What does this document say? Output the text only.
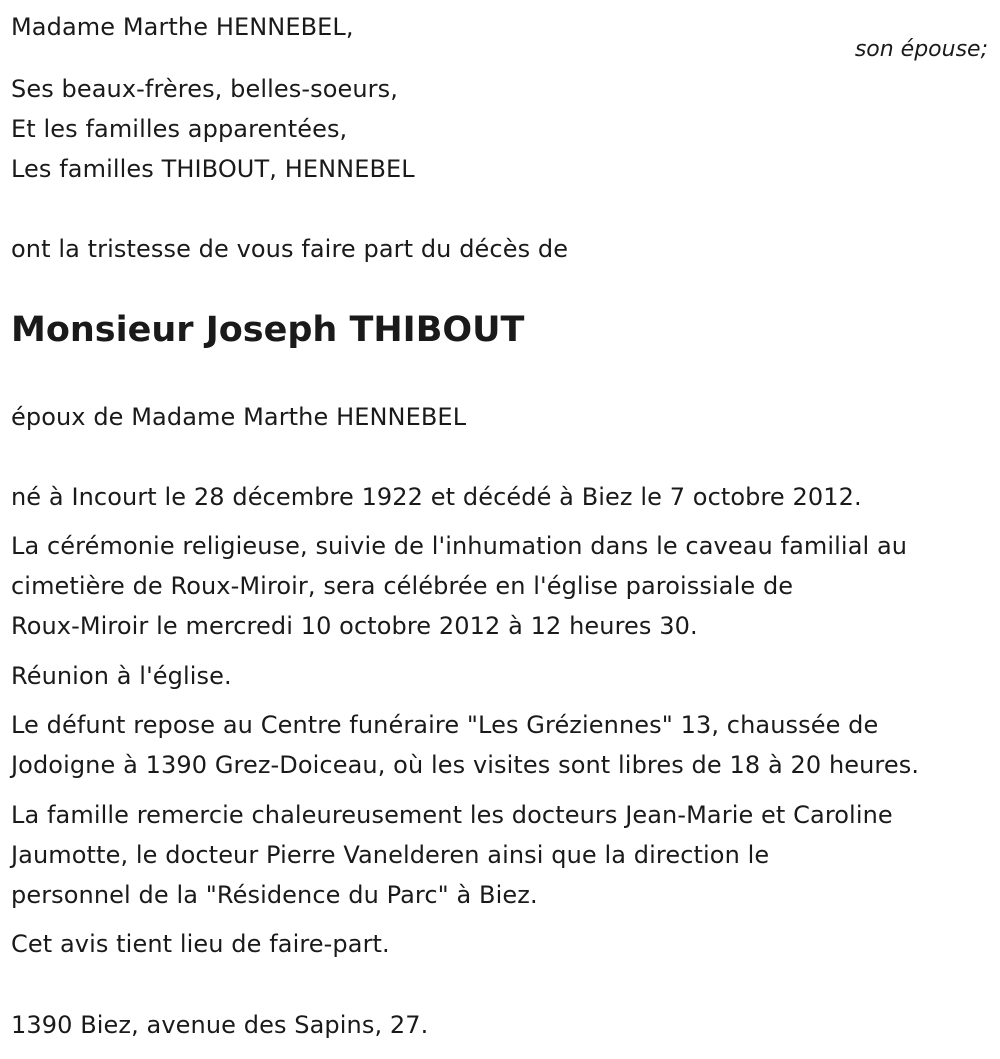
Madame Marthe HENNEBEL,
son épouse;
Ses beaux-frères, belles-soeurs,
Et les familles apparentées,
Les familles THIBOUT, HENNEBEL
ont la tristesse de vous faire part du décès de
Monsieur Joseph THIBOUT
époux de Madame Marthe HENNEBEL
né à Incourt le 28 décembre 1922 et décédé à Biez le 7 octobre 2012.
La cérémonie religieuse, suivie de l'inhumation dans le caveau familial au
cimetière de Roux-Miroir, sera célébrée en l'église paroissiale de
Roux-Miroir le mercredi 10 octobre 2012 à 12 heures 30.
Réunion à l'église.
Le défunt repose au Centre funéraire "Les Gréziennes" 13, chaussée de
Jodoigne à 1390 Grez-Doiceau, où les visites sont libres de 18 à 20 heures.
La famille remercie chaleureusement les docteurs Jean-Marie et Caroline
Jaumotte, le docteur Pierre Vanelderen ainsi que la direction le
personnel de la "Résidence du Parc" à Biez.
Cet avis tient lieu de faire-part.
1390 Biez, avenue des Sapins, 27.
